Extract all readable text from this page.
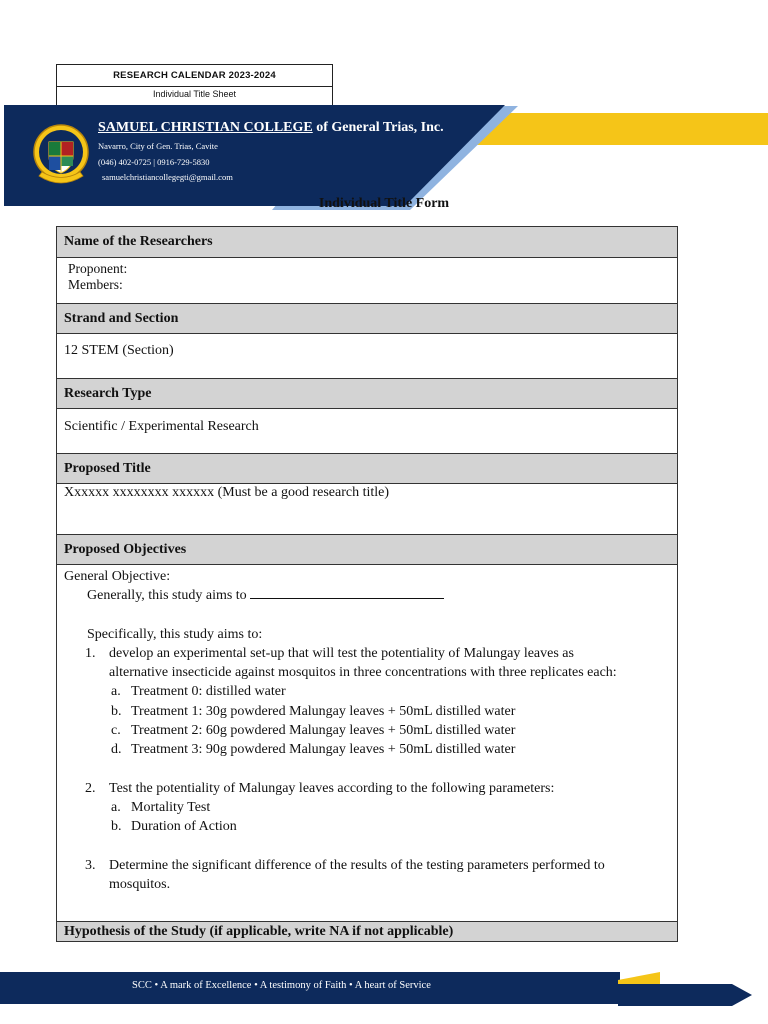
RESEARCH CALENDAR 2023-2024
Individual Title Sheet
SAMUEL CHRISTIAN COLLEGE of General Trias, Inc.
Navarro, City of Gen. Trias, Cavite
(046) 402-0725 | 0916-729-5830
samuelchristiancollegegti@gmail.com
Individual Title Form
Name of the Researchers
Proponent:
Members:
Strand and Section
12 STEM (Section)
Research Type
Scientific / Experimental Research
Proposed Title
Xxxxxx xxxxxxxx xxxxxx (Must be a good research title)
Proposed Objectives
General Objective:
Generally, this study aims to
Specifically, this study aims to:
1. develop an experimental set-up that will test the potentiality of Malungay leaves as
alternative insecticide against mosquitos in three concentrations with three replicates each:
a. Treatment 0: distilled water
b. Treatment 1: 30g powdered Malungay leaves + 50mL distilled water
c. Treatment 2: 60g powdered Malungay leaves + 50mL distilled water
d. Treatment 3: 90g powdered Malungay leaves + 50mL distilled water
2. Test the potentiality of Malungay leaves according to the following parameters:
a. Mortality Test
b. Duration of Action
3. Determine the significant difference of the results of the testing parameters performed to
mosquitos.
Hypothesis of the Study (if applicable, write NA if not applicable)
SCC • A mark of Excellence • A testimony of Faith • A heart of Service
